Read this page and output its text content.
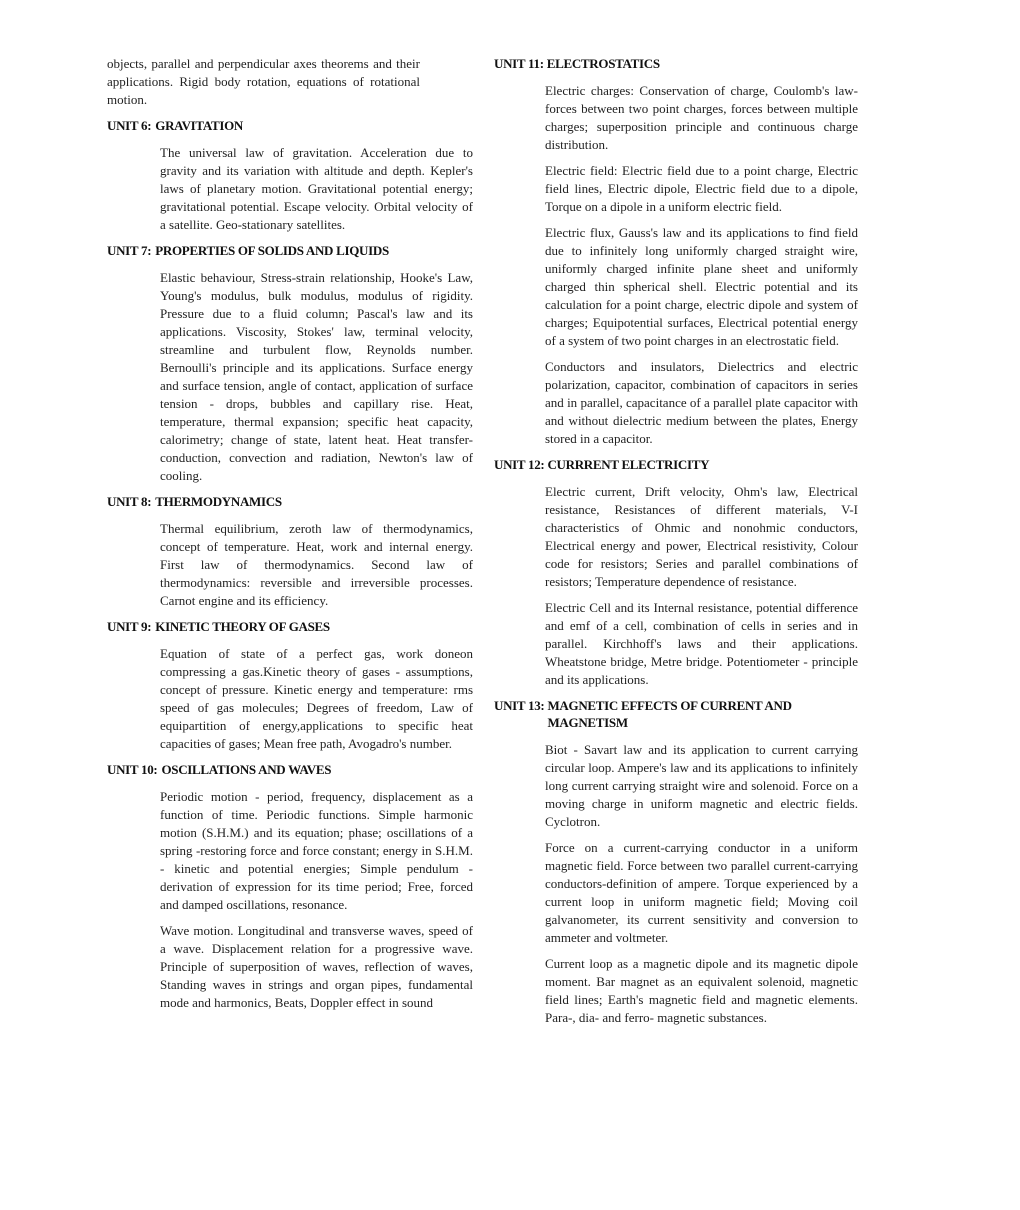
objects, parallel and perpendicular axes theorems and their applications. Rigid body rotation, equations of rotational motion.

UNIT 6: GRAVITATION

The universal law of gravitation. Acceleration due to gravity and its variation with altitude and depth. Kepler's laws of planetary motion. Gravitational potential energy; gravitational potential. Escape velocity. Orbital velocity of a satellite. Geo-stationary satellites.

UNIT 7: PROPERTIES OF SOLIDS AND LIQUIDS

Elastic behaviour, Stress-strain relationship, Hooke's Law, Young's modulus, bulk modulus, modulus of rigidity. Pressure due to a fluid column; Pascal's law and its applications. Viscosity, Stokes' law, terminal velocity, streamline and turbulent flow, Reynolds number. Bernoulli's principle and its applications. Surface energy and surface tension, angle of contact, application of surface tension - drops, bubbles and capillary rise. Heat, temperature, thermal expansion; specific heat capacity, calorimetry; change of state, latent heat. Heat transfer-conduction, convection and radiation, Newton's law of cooling.

UNIT 8: THERMODYNAMICS

Thermal equilibrium, zeroth law of thermodynamics, concept of temperature. Heat, work and internal energy. First law of thermodynamics. Second law of thermodynamics: reversible and irreversible processes. Carnot engine and its efficiency.

UNIT 9: KINETIC THEORY OF GASES

Equation of state of a perfect gas, work doneon compressing a gas.Kinetic theory of gases - assumptions, concept of pressure. Kinetic energy and temperature: rms speed of gas molecules; Degrees of freedom, Law of equipartition of energy,applications to specific heat capacities of gases; Mean free path, Avogadro's number.

UNIT 10: OSCILLATIONS AND WAVES

Periodic motion - period, frequency, displacement as a function of time. Periodic functions. Simple harmonic motion (S.H.M.) and its equation; phase; oscillations of a spring -restoring force and force constant; energy in S.H.M. - kinetic and potential energies; Simple pendulum - derivation of expression for its time period; Free, forced and damped oscillations, resonance.

Wave motion. Longitudinal and transverse waves, speed of a wave. Displacement relation for a progressive wave. Principle of superposition of waves, reflection of waves, Standing waves in strings and organ pipes, fundamental mode and harmonics, Beats, Doppler effect in sound

UNIT 11: ELECTROSTATICS

Electric charges: Conservation of charge, Coulomb's law-forces between two point charges, forces between multiple charges; superposition principle and continuous charge distribution.

Electric field: Electric field due to a point charge, Electric field lines, Electric dipole, Electric field due to a dipole, Torque on a dipole in a uniform electric field.

Electric flux, Gauss's law and its applications to find field due to infinitely long uniformly charged straight wire, uniformly charged infinite plane sheet and uniformly charged thin spherical shell. Electric potential and its calculation for a point charge, electric dipole and system of charges; Equipotential surfaces, Electrical potential energy of a system of two point charges in an electrostatic field.

Conductors and insulators, Dielectrics and electric polarization, capacitor, combination of capacitors in series and in parallel, capacitance of a parallel plate capacitor with and without dielectric medium between the plates, Energy stored in a capacitor.

UNIT 12: CURRRENT ELECTRICITY

Electric current, Drift velocity, Ohm's law, Electrical resistance, Resistances of different materials, V-I characteristics of Ohmic and nonohmic conductors, Electrical energy and power, Electrical resistivity, Colour code for resistors; Series and parallel combinations of resistors; Temperature dependence of resistance.

Electric Cell and its Internal resistance, potential difference and emf of a cell, combination of cells in series and in parallel. Kirchhoff's laws and their applications. Wheatstone bridge, Metre bridge. Potentiometer - principle and its applications.

UNIT 13: MAGNETIC EFFECTS OF CURRENT AND MAGNETISM

Biot - Savart law and its application to current carrying circular loop. Ampere's law and its applications to infinitely long current carrying straight wire and solenoid. Force on a moving charge in uniform magnetic and electric fields. Cyclotron.

Force on a current-carrying conductor in a uniform magnetic field. Force between two parallel current-carrying conductors-definition of ampere. Torque experienced by a current loop in uniform magnetic field; Moving coil galvanometer, its current sensitivity and conversion to ammeter and voltmeter.

Current loop as a magnetic dipole and its magnetic dipole moment. Bar magnet as an equivalent solenoid, magnetic field lines; Earth's magnetic field and magnetic elements. Para-, dia- and ferro- magnetic substances.
